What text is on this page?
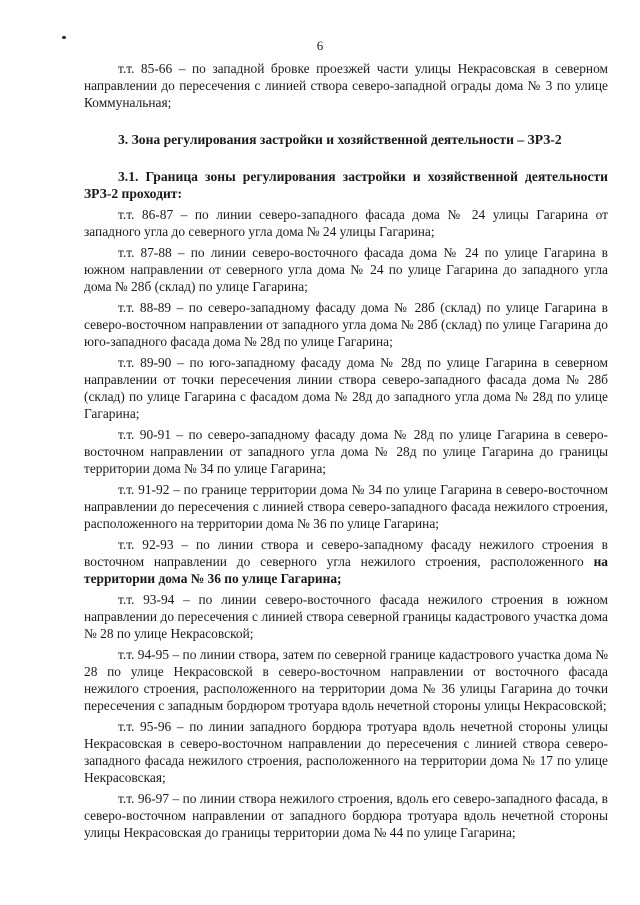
6

т.т. 85-66 – по западной бровке проезжей части улицы Некрасовская в северном направлении до пересечения с линией створа северо-западной ограды дома № 3 по улице Коммунальная;

3. Зона регулирования застройки и хозяйственной деятельности – ЗРЗ-2

3.1. Граница зоны регулирования застройки и хозяйственной деятельности ЗРЗ-2 проходит:

т.т. 86-87 – по линии северо-западного фасада дома № 24 улицы Гагарина от западного угла до северного угла дома № 24 улицы Гагарина;

т.т. 87-88 – по линии северо-восточного фасада дома № 24 по улице Гагарина в южном направлении от северного угла дома № 24 по улице Гагарина до западного угла дома № 28б (склад) по улице Гагарина;

т.т. 88-89 – по северо-западному фасаду дома № 28б (склад) по улице Гагарина в северо-восточном направлении от западного угла дома № 28б (склад) по улице Гагарина до юго-западного фасада дома № 28д по улице Гагарина;

т.т. 89-90 – по юго-западному фасаду дома № 28д по улице Гагарина в северном направлении от точки пересечения линии створа северо-западного фасада дома № 28б (склад) по улице Гагарина с фасадом дома № 28д до западного угла дома № 28д по улице Гагарина;

т.т. 90-91 – по северо-западному фасаду дома № 28д по улице Гагарина в северо-восточном направлении от западного угла дома № 28д по улице Гагарина до границы территории дома № 34 по улице Гагарина;

т.т. 91-92 – по границе территории дома № 34 по улице Гагарина в северо-восточном направлении до пересечения с линией створа северо-западного фасада нежилого строения, расположенного на территории дома № 36 по улице Гагарина;

т.т. 92-93 – по линии створа и северо-западному фасаду нежилого строения в восточном направлении до северного угла нежилого строения, расположенного на территории дома № 36 по улице Гагарина;

т.т. 93-94 – по линии северо-восточного фасада нежилого строения в южном направлении до пересечения с линией створа северной границы кадастрового участка дома № 28 по улице Некрасовской;

т.т. 94-95 – по линии створа, затем по северной границе кадастрового участка дома № 28 по улице Некрасовской в северо-восточном направлении от восточного фасада нежилого строения, расположенного на территории дома № 36 улицы Гагарина до точки пересечения с западным бордюром тротуара вдоль нечетной стороны улицы Некрасовской;

т.т. 95-96 – по линии западного бордюра тротуара вдоль нечетной стороны улицы Некрасовская в северо-восточном направлении до пересечения с линией створа северо-западного фасада нежилого строения, расположенного на территории дома № 17 по улице Некрасовская;

т.т. 96-97 – по линии створа нежилого строения, вдоль его северо-западного фасада, в северо-восточном направлении от западного бордюра тротуара вдоль нечетной стороны улицы Некрасовская до границы территории дома № 44 по улице Гагарина;
